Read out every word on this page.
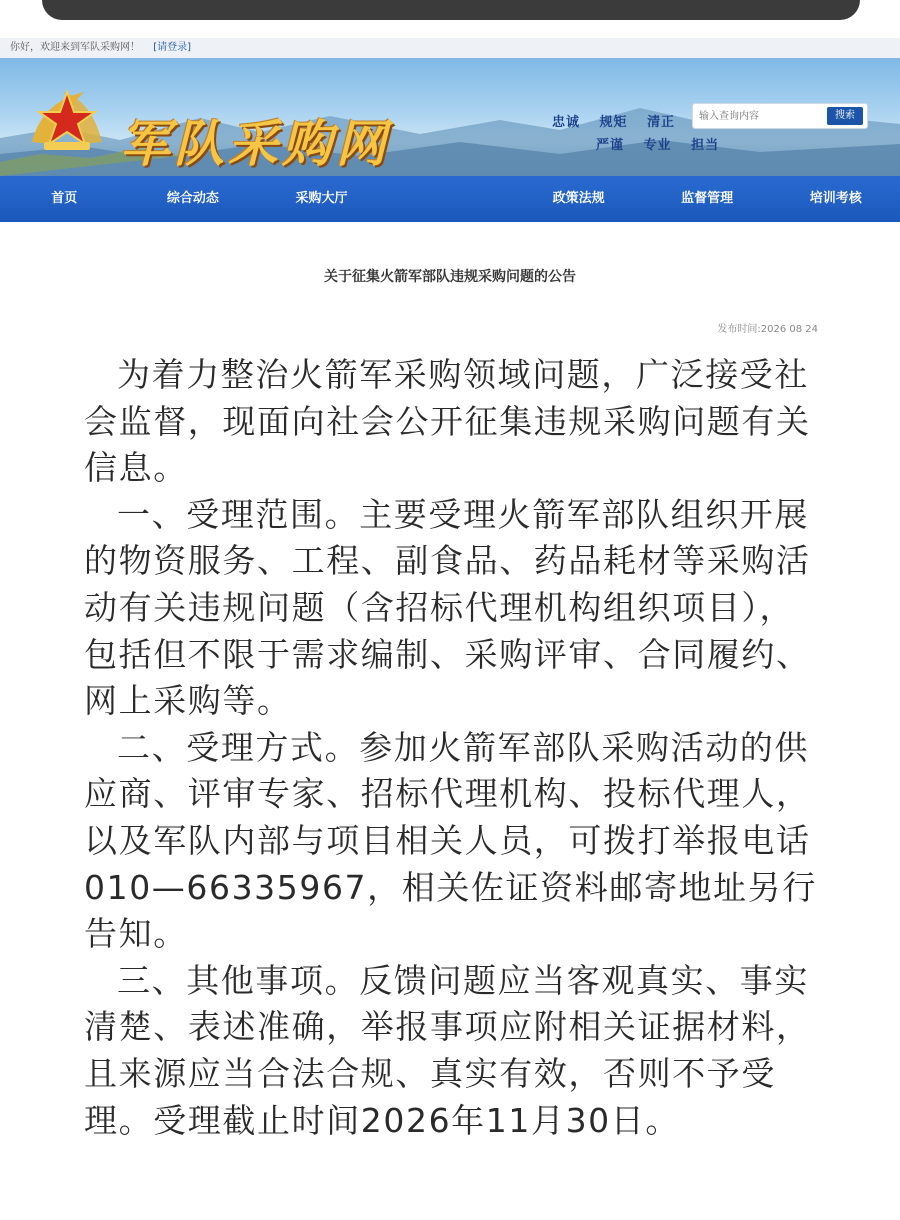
你好，欢迎来到军队采购网！ [请登录]
军队采购网	忠诚 规矩 清正
严谨 专业 担当
输入查询内容
搜索
首页	综合动态	采购大厅	政策法规	监督管理	培训考核
关于征集火箭军部队违规采购问题的公告
发布时间:2026 08 24

为着力整治火箭军采购领域问题，广泛接受社会监督，现面向社会公开征集违规采购问题有关信息。

一、受理范围。主要受理火箭军部队组织开展的物资服务、工程、副食品、药品耗材等采购活动有关违规问题（含招标代理机构组织项目），包括但不限于需求编制、采购评审、合同履约、网上采购等。

二、受理方式。参加火箭军部队采购活动的供应商、评审专家、招标代理机构、投标代理人，以及军队内部与项目相关人员，可拨打举报电话010—66335967，相关佐证资料邮寄地址另行告知。

三、其他事项。反馈问题应当客观真实、事实清楚、表述准确，举报事项应附相关证据材料，且来源应当合法合规、真实有效，否则不予受理。受理截止时间2026年11月30日。
